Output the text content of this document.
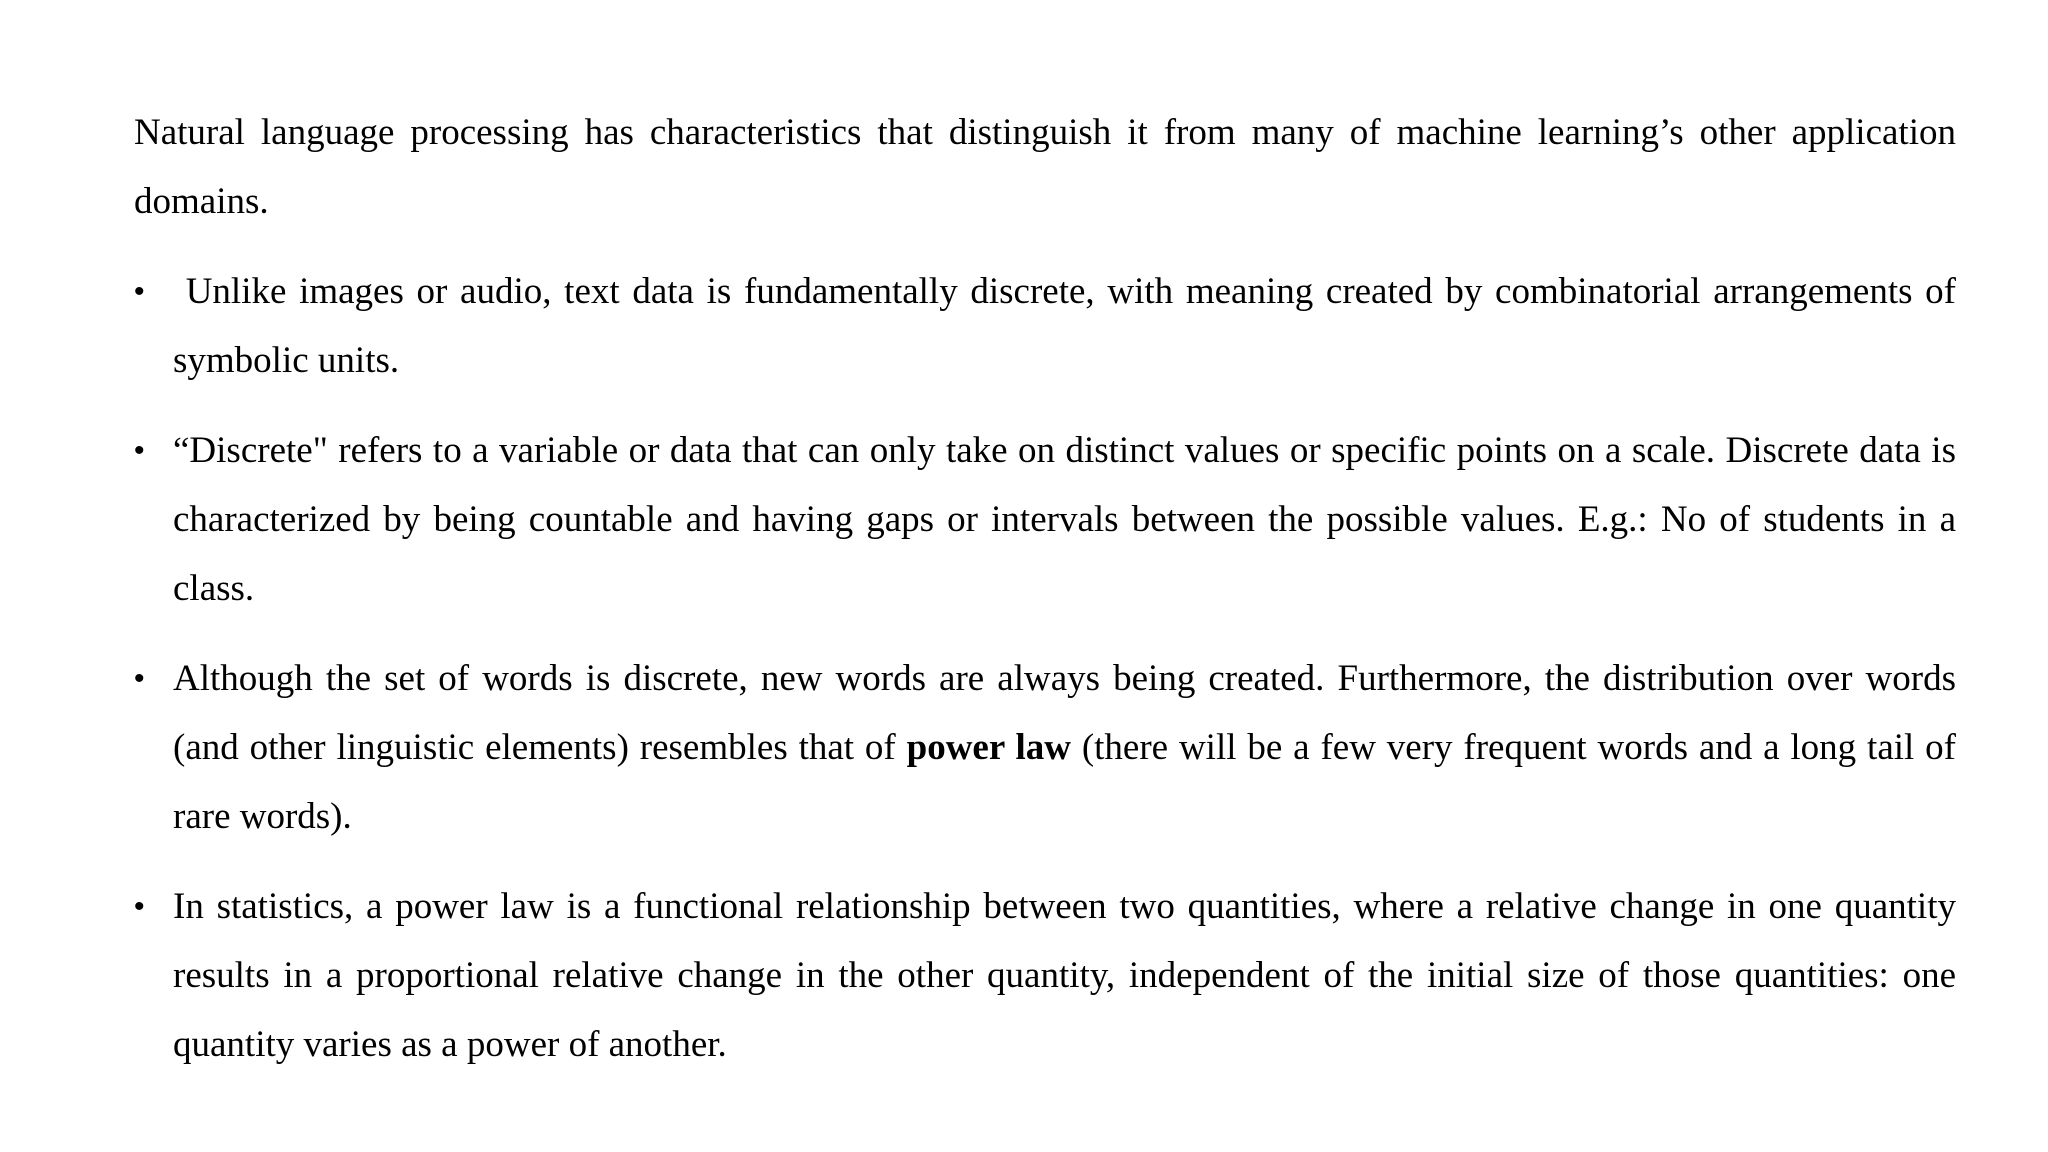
Natural language processing has characteristics that distinguish it from many of machine learning’s other application domains.

• Unlike images or audio, text data is fundamentally discrete, with meaning created by combinatorial arrangements of symbolic units.
• “Discrete" refers to a variable or data that can only take on distinct values or specific points on a scale. Discrete data is characterized by being countable and having gaps or intervals between the possible values. E.g.: No of students in a class.
• Although the set of words is discrete, new words are always being created. Furthermore, the distribution over words (and other linguistic elements) resembles that of power law (there will be a few very frequent words and a long tail of rare words).
• In statistics, a power law is a functional relationship between two quantities, where a relative change in one quantity results in a proportional relative change in the other quantity, independent of the initial size of those quantities: one quantity varies as a power of another.
